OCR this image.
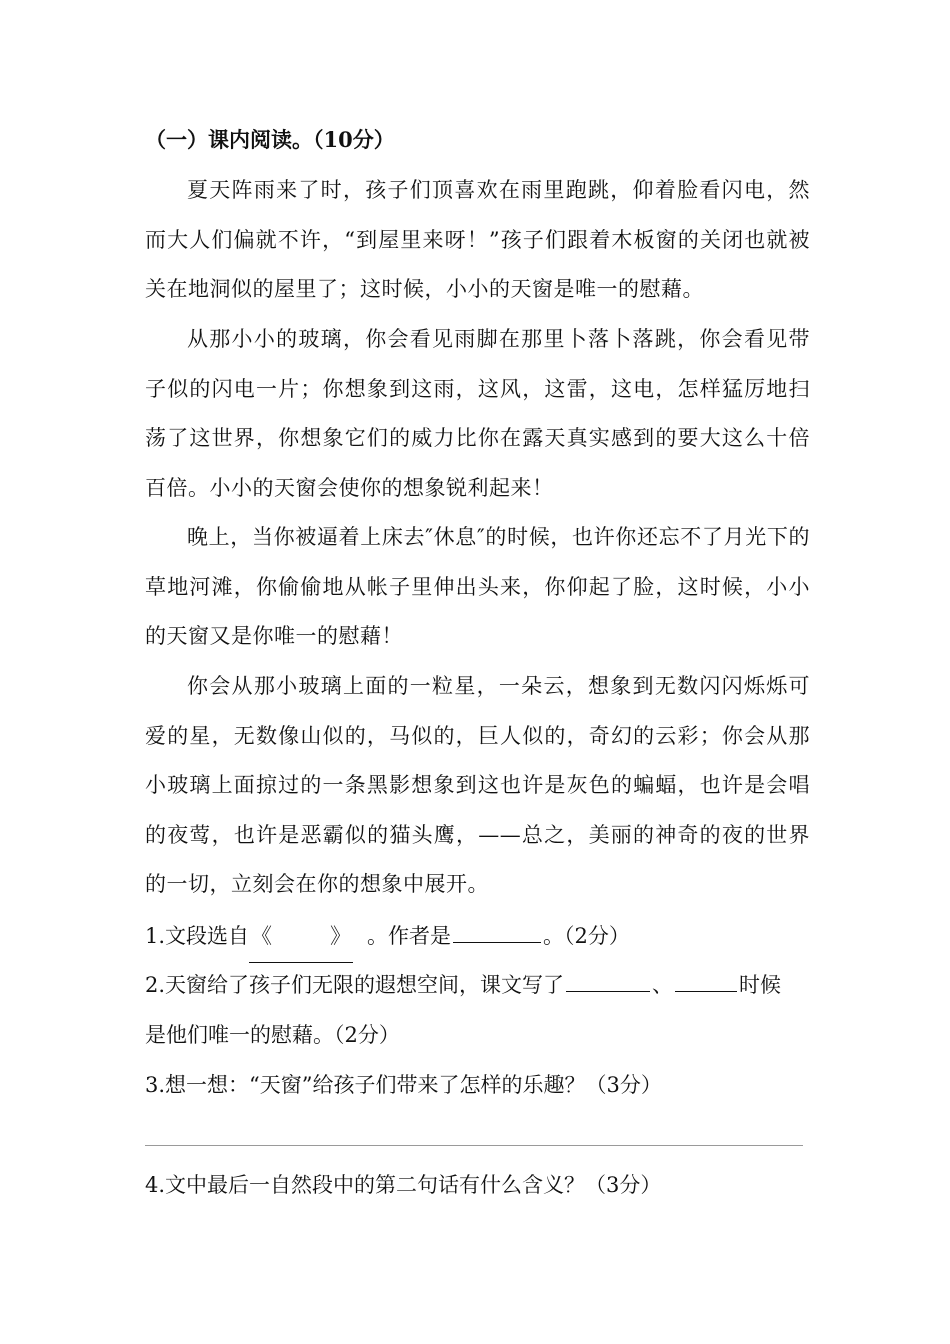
（一）课内阅读。（10分）

夏天阵雨来了时，孩子们顶喜欢在雨里跑跳，仰着脸看闪电，然而大人们偏就不许，“到屋里来呀！”孩子们跟着木板窗的关闭也就被关在地洞似的屋里了；这时候，小小的天窗是唯一的慰藉。

从那小小的玻璃，你会看见雨脚在那里卜落卜落跳，你会看见带子似的闪电一片；你想象到这雨，这风，这雷，这电，怎样猛厉地扫荡了这世界，你想象它们的威力比你在露天真实感到的要大这么十倍百倍。小小的天窗会使你的想象锐利起来！

晚上，当你被逼着上床去″休息″的时候，也许你还忘不了月光下的草地河滩，你偷偷地从帐子里伸出头来，你仰起了脸，这时候，小小的天窗又是你唯一的慰藉！

你会从那小玻璃上面的一粒星，一朵云，想象到无数闪闪烁烁可爱的星，无数像山似的，马似的，巨人似的，奇幻的云彩；你会从那小玻璃上面掠过的一条黑影想象到这也许是灰色的蝙蝠，也许是会唱的夜莺，也许是恶霸似的猫头鹰，——总之，美丽的神奇的夜的世界的一切，立刻会在你的想象中展开。

1.文段选自《	》 。作者是	。（2分）
2.天窗给了孩子们无限的遐想空间，课文写了	、	时候
是他们唯一的慰藉。（2分）
3.想一想：“天窗”给孩子们带来了怎样的乐趣？（3分）
4.文中最后一自然段中的第二句话有什么含义？（3分）
